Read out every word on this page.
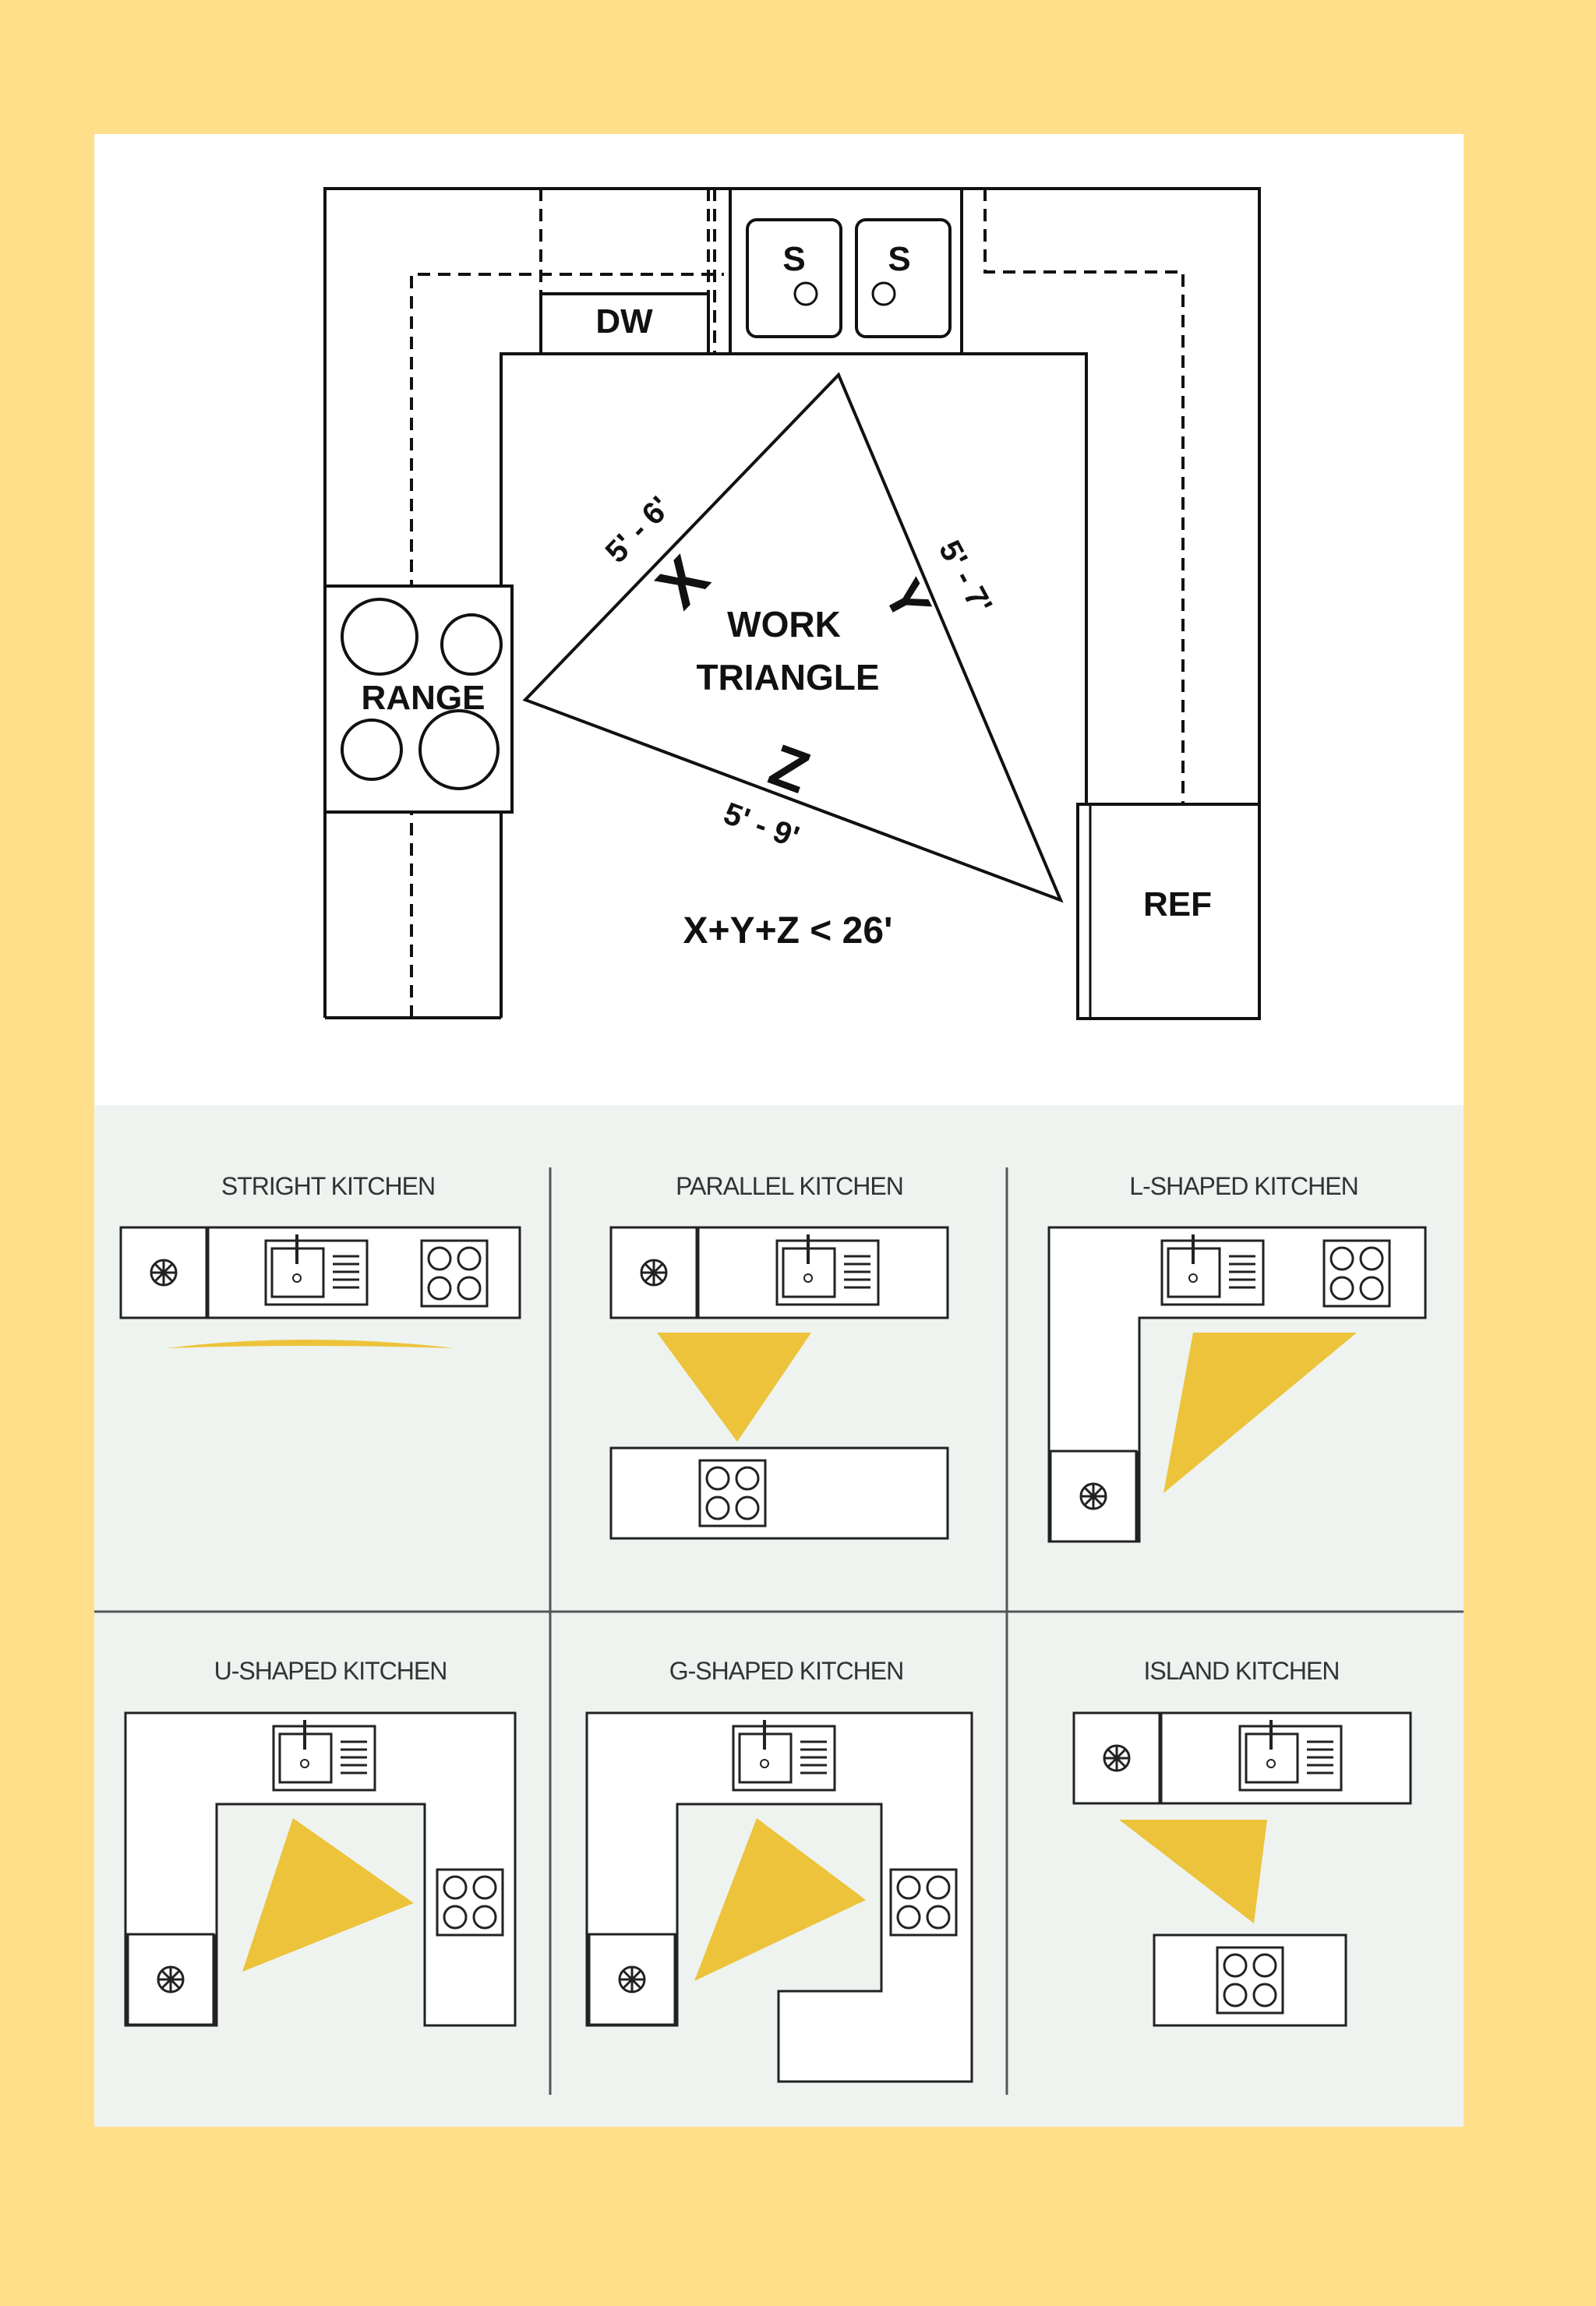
DW
S S
RANGE
REF
WORK
TRIANGLE
X
5' - 6'
Y
5' - 7'
Z
5' - 9'
X+Y+Z < 26'
STRIGHT KITCHEN	PARALLEL KITCHEN	L-SHAPED KITCHEN
U-SHAPED KITCHEN	G-SHAPED KITCHEN	ISLAND KITCHEN
